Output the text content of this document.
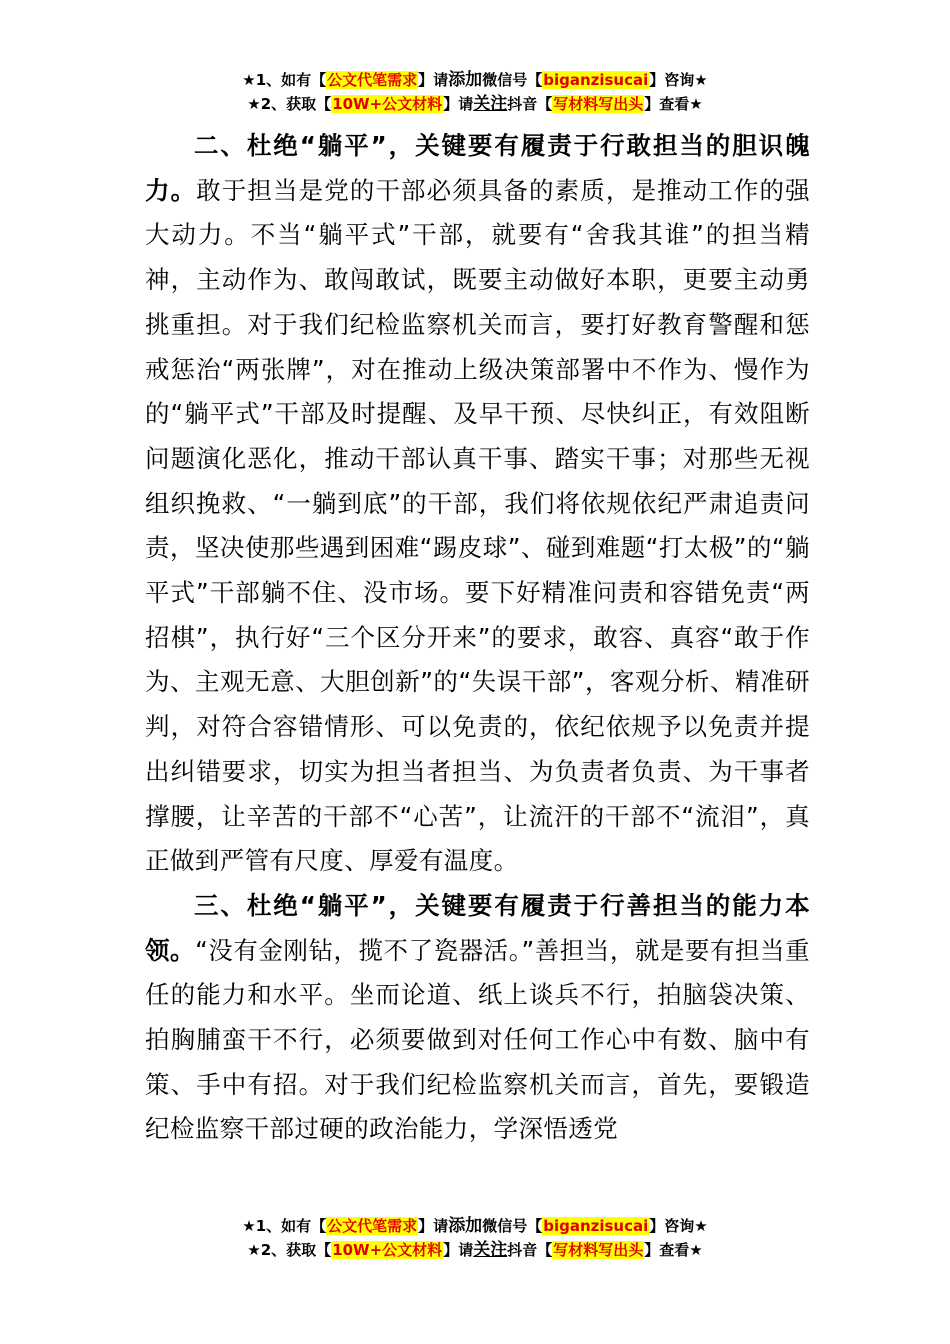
★1、如有【公文代笔需求】请添加微信号【biganzisucai】咨询★
★2、获取【10W+公文材料】请关注抖音【写材料写出头】查看★

二、杜绝“躺平”，关键要有履责于行敢担当的胆识魄力。敢于担当是党的干部必须具备的素质，是推动工作的强大动力。不当“躺平式”干部，就要有“舍我其谁”的担当精神，主动作为、敢闯敢试，既要主动做好本职，更要主动勇挑重担。对于我们纪检监察机关而言，要打好教育警醒和惩戒惩治“两张牌”，对在推动上级决策部署中不作为、慢作为的“躺平式”干部及时提醒、及早干预、尽快纠正，有效阻断问题演化恶化，推动干部认真干事、踏实干事；对那些无视组织挽救、“一躺到底”的干部，我们将依规依纪严肃追责问责，坚决使那些遇到困难“踢皮球”、碰到难题“打太极”的“躺平式”干部躺不住、没市场。要下好精准问责和容错免责“两招棋”，执行好“三个区分开来”的要求，敢容、真容“敢于作为、主观无意、大胆创新”的“失误干部”，客观分析、精准研判，对符合容错情形、可以免责的，依纪依规予以免责并提出纠错要求，切实为担当者担当、为负责者负责、为干事者撑腰，让辛苦的干部不“心苦”，让流汗的干部不“流泪”，真正做到严管有尺度、厚爱有温度。

三、杜绝“躺平”，关键要有履责于行善担当的能力本领。“没有金刚钻，揽不了瓷器活。”善担当，就是要有担当重任的能力和水平。坐而论道、纸上谈兵不行，拍脑袋决策、拍胸脯蛮干不行，必须要做到对任何工作心中有数、脑中有策、手中有招。对于我们纪检监察机关而言，首先，要锻造纪检监察干部过硬的政治能力，学深悟透党

★1、如有【公文代笔需求】请添加微信号【biganzisucai】咨询★
★2、获取【10W+公文材料】请关注抖音【写材料写出头】查看★
